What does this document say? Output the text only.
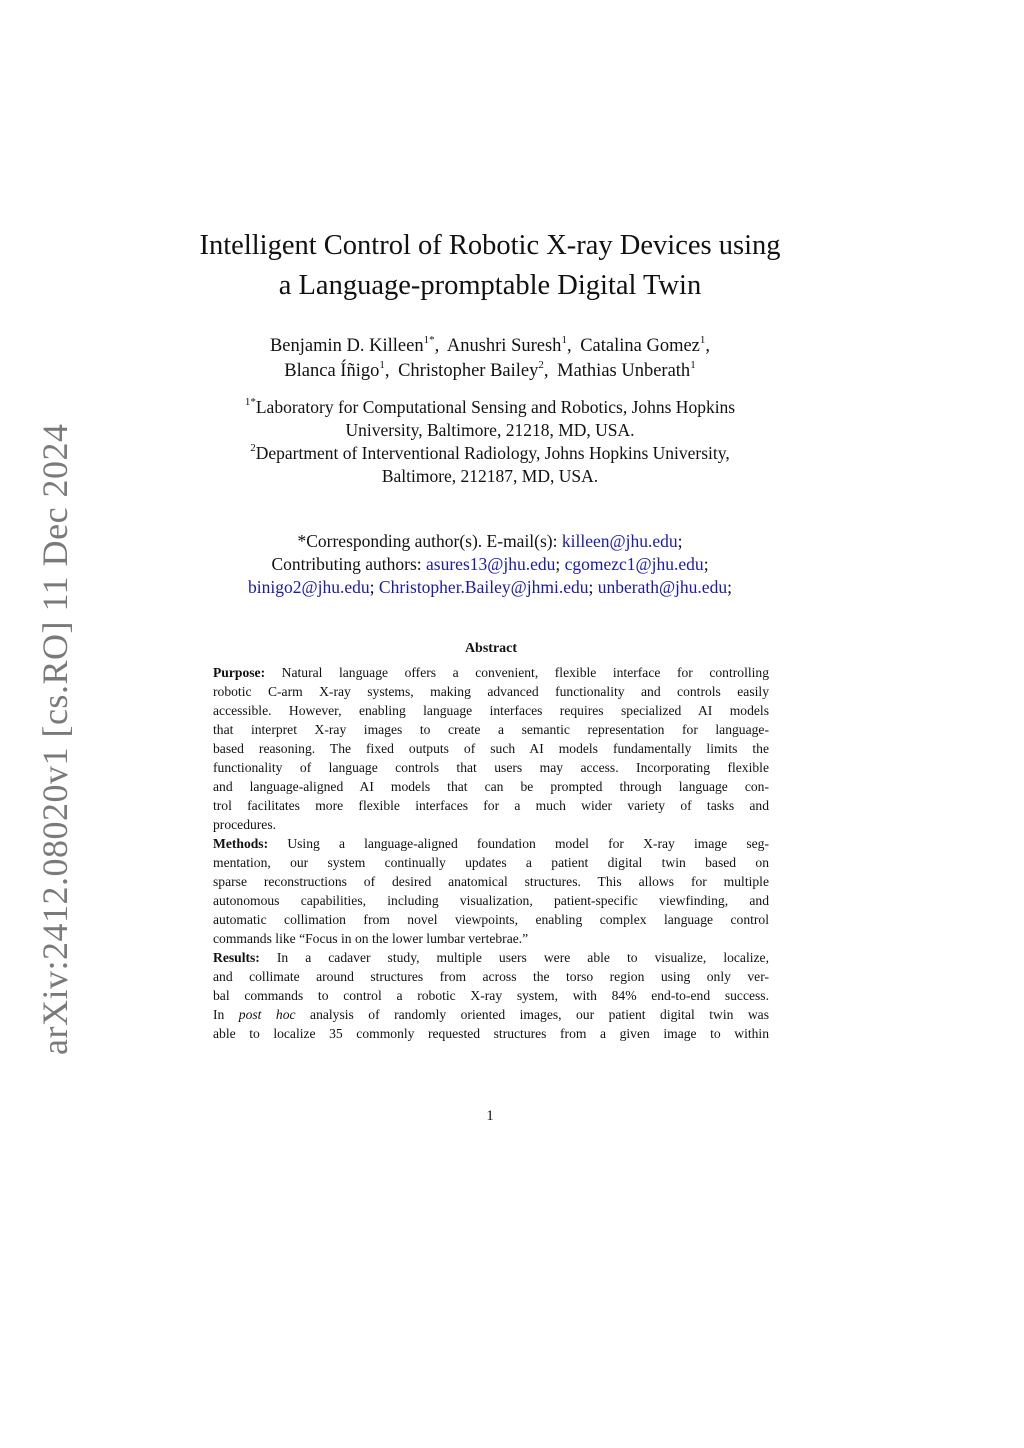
arXiv:2412.08020v1 [cs.RO] 11 Dec 2024
Intelligent Control of Robotic X-ray Devices using
a Language-promptable Digital Twin
Benjamin D. Killeen$^{1*}$, Anushri Suresh$^1$, Catalina Gomez$^1$,
Blanca Íñigo$^1$, Christopher Bailey$^2$, Mathias Unberath$^1$
$^{1*}$Laboratory for Computational Sensing and Robotics, Johns Hopkins
University, Baltimore, 21218, MD, USA.
$^2$Department of Interventional Radiology, Johns Hopkins University,
Baltimore, 212187, MD, USA.
*Corresponding author(s). E-mail(s): killeen@jhu.edu;
Contributing authors: asures13@jhu.edu; cgomezc1@jhu.edu;
binigo2@jhu.edu; Christopher.Bailey@jhmi.edu; unberath@jhu.edu;
Abstract
Purpose: Natural language offers a convenient, flexible interface for controlling
robotic C-arm X-ray systems, making advanced functionality and controls easily
accessible. However, enabling language interfaces requires specialized AI models
that interpret X-ray images to create a semantic representation for language-
based reasoning. The fixed outputs of such AI models fundamentally limits the
functionality of language controls that users may access. Incorporating flexible
and language-aligned AI models that can be prompted through language con-
trol facilitates more flexible interfaces for a much wider variety of tasks and
procedures.
Methods: Using a language-aligned foundation model for X-ray image seg-
mentation, our system continually updates a patient digital twin based on
sparse reconstructions of desired anatomical structures. This allows for multiple
autonomous capabilities, including visualization, patient-specific viewfinding, and
automatic collimation from novel viewpoints, enabling complex language control
commands like “Focus in on the lower lumbar vertebrae.”
Results: In a cadaver study, multiple users were able to visualize, localize,
and collimate around structures from across the torso region using only ver-
bal commands to control a robotic X-ray system, with 84% end-to-end success.
In post hoc analysis of randomly oriented images, our patient digital twin was
able to localize 35 commonly requested structures from a given image to within
1
